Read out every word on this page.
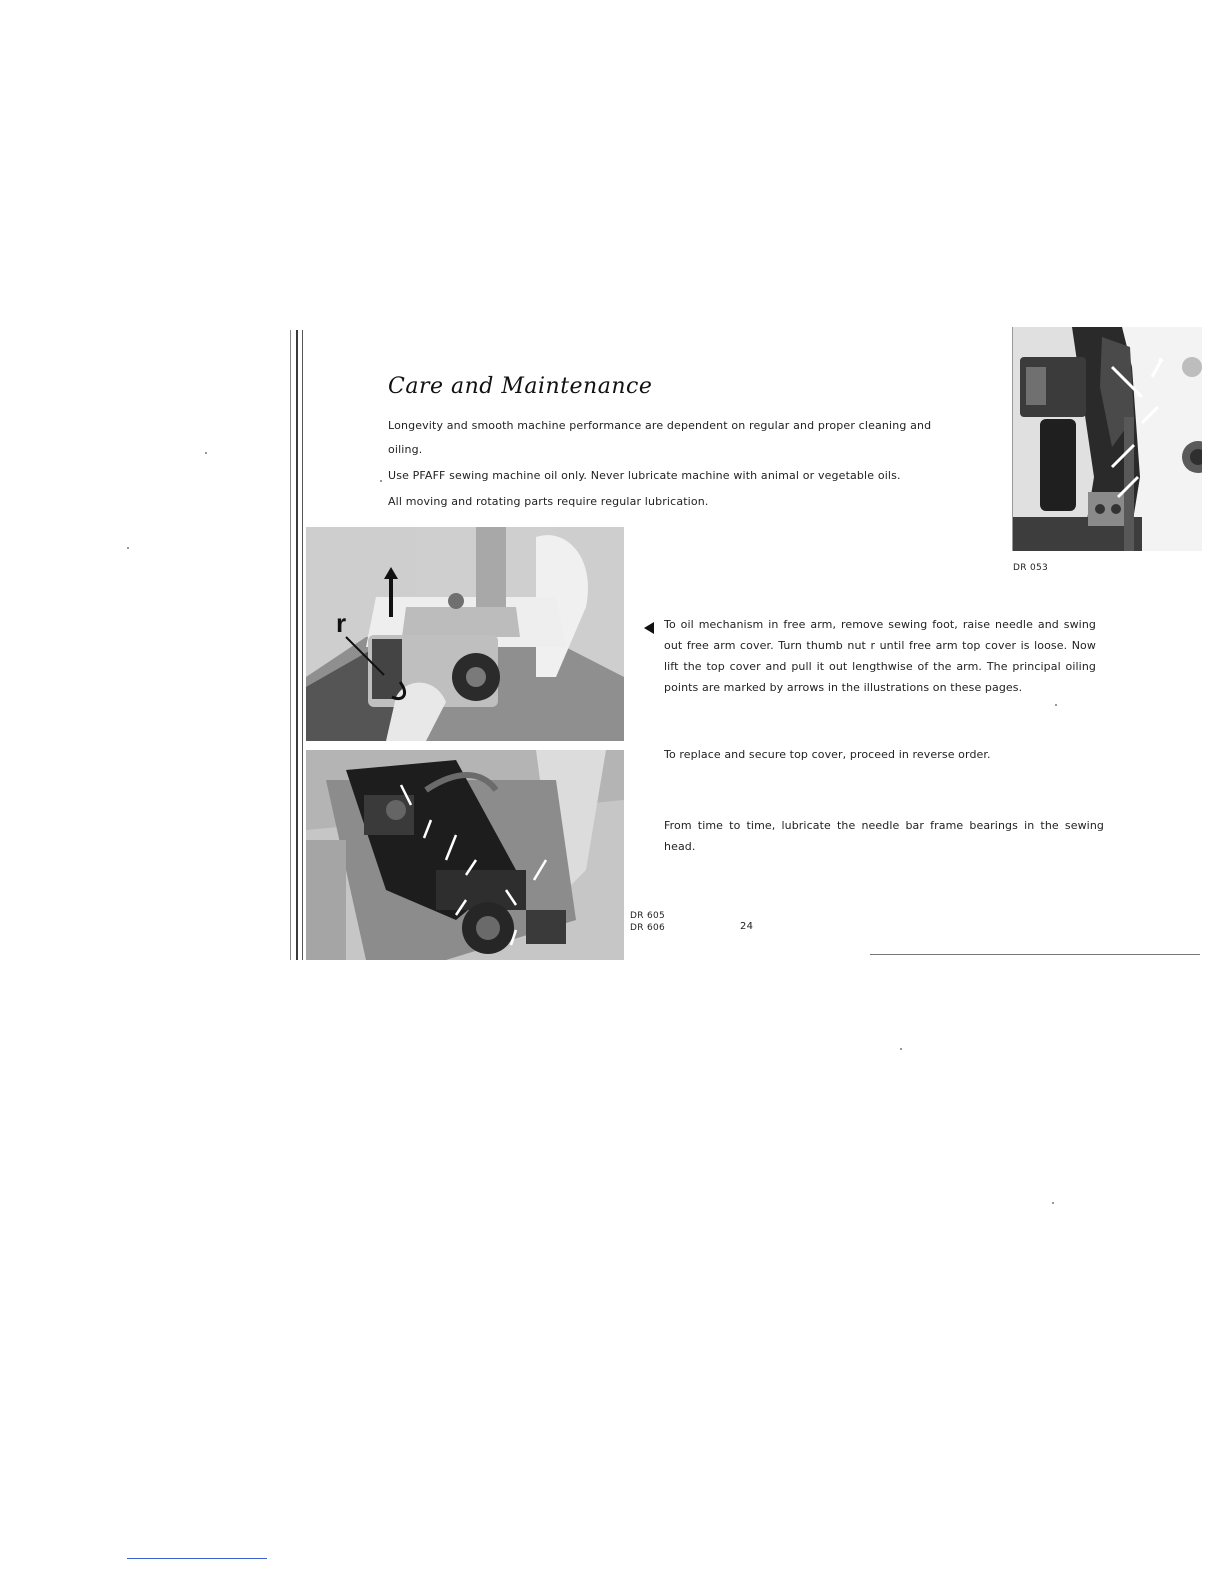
Care and Maintenance

Longevity and smooth machine performance are dependent on regular and proper cleaning and oiling.

Use PFAFF sewing machine oil only. Never lubricate machine with animal or vegetable oils.

All moving and rotating parts require regular lubrication.

DR 053
r
DR 605
DR 606	24

To oil mechanism in free arm, remove sewing foot, raise needle and swing out free arm cover. Turn thumb nut r until free arm top cover is loose. Now lift the top cover and pull it out lengthwise of the arm. The principal oiling points are marked by arrows in the illustrations on these pages.

To replace and secure top cover, proceed in reverse order.

From time to time, lubricate the needle bar frame bearings in the sewing head.
